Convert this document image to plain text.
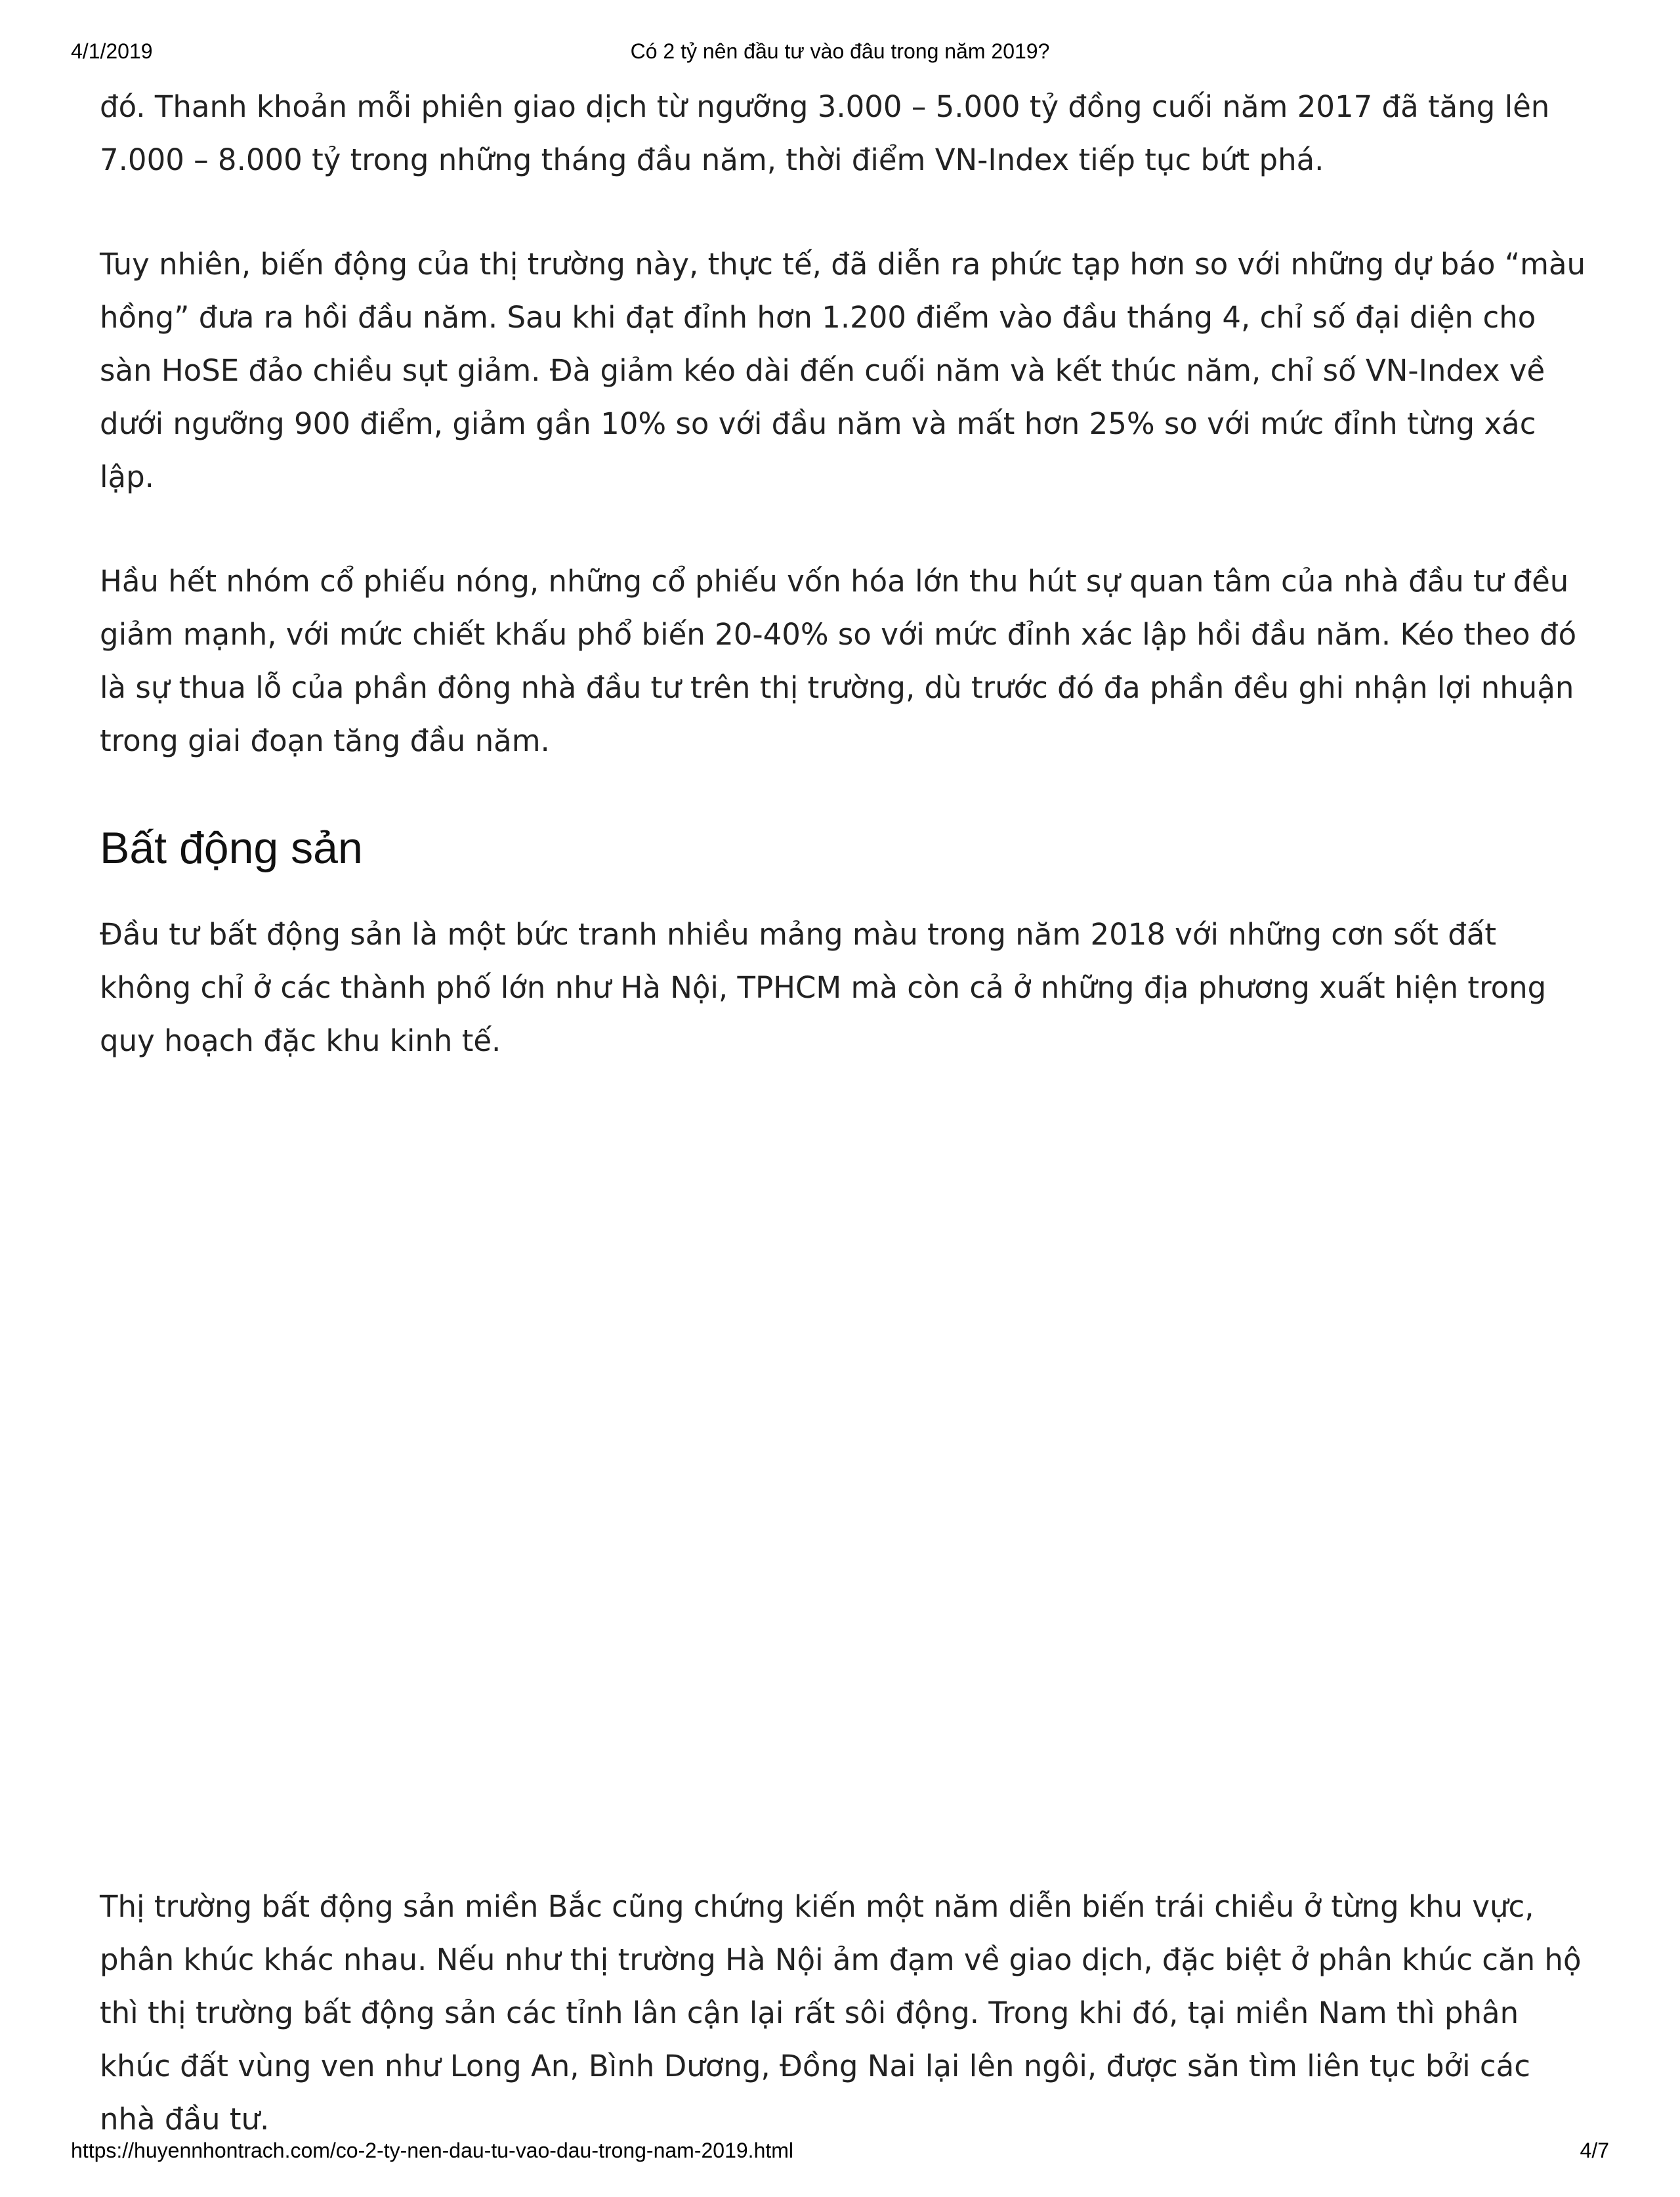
4/1/2019	Có 2 tỷ nên đầu tư vào đâu trong năm 2019?

đó. Thanh khoản mỗi phiên giao dịch từ ngưỡng 3.000 – 5.000 tỷ đồng cuối năm 2017 đã tăng lên 7.000 – 8.000 tỷ trong những tháng đầu năm, thời điểm VN-Index tiếp tục bứt phá.

Tuy nhiên, biến động của thị trường này, thực tế, đã diễn ra phức tạp hơn so với những dự báo “màu hồng” đưa ra hồi đầu năm. Sau khi đạt đỉnh hơn 1.200 điểm vào đầu tháng 4, chỉ số đại diện cho sàn HoSE đảo chiều sụt giảm. Đà giảm kéo dài đến cuối năm và kết thúc năm, chỉ số VN-Index về dưới ngưỡng 900 điểm, giảm gần 10% so với đầu năm và mất hơn 25% so với mức đỉnh từng xác lập.

Hầu hết nhóm cổ phiếu nóng, những cổ phiếu vốn hóa lớn thu hút sự quan tâm của nhà đầu tư đều giảm mạnh, với mức chiết khấu phổ biến 20-40% so với mức đỉnh xác lập hồi đầu năm. Kéo theo đó là sự thua lỗ của phần đông nhà đầu tư trên thị trường, dù trước đó đa phần đều ghi nhận lợi nhuận trong giai đoạn tăng đầu năm.

Bất động sản

Đầu tư bất động sản là một bức tranh nhiều mảng màu trong năm 2018 với những cơn sốt đất không chỉ ở các thành phố lớn như Hà Nội, TPHCM mà còn cả ở những địa phương xuất hiện trong quy hoạch đặc khu kinh tế.

Thị trường bất động sản miền Bắc cũng chứng kiến một năm diễn biến trái chiều ở từng khu vực, phân khúc khác nhau. Nếu như thị trường Hà Nội ảm đạm về giao dịch, đặc biệt ở phân khúc căn hộ thì thị trường bất động sản các tỉnh lân cận lại rất sôi động. Trong khi đó, tại miền Nam thì phân khúc đất vùng ven như Long An, Bình Dương, Đồng Nai lại lên ngôi, được săn tìm liên tục bởi các nhà đầu tư.

https://huyennhontrach.com/co-2-ty-nen-dau-tu-vao-dau-trong-nam-2019.html	4/7
